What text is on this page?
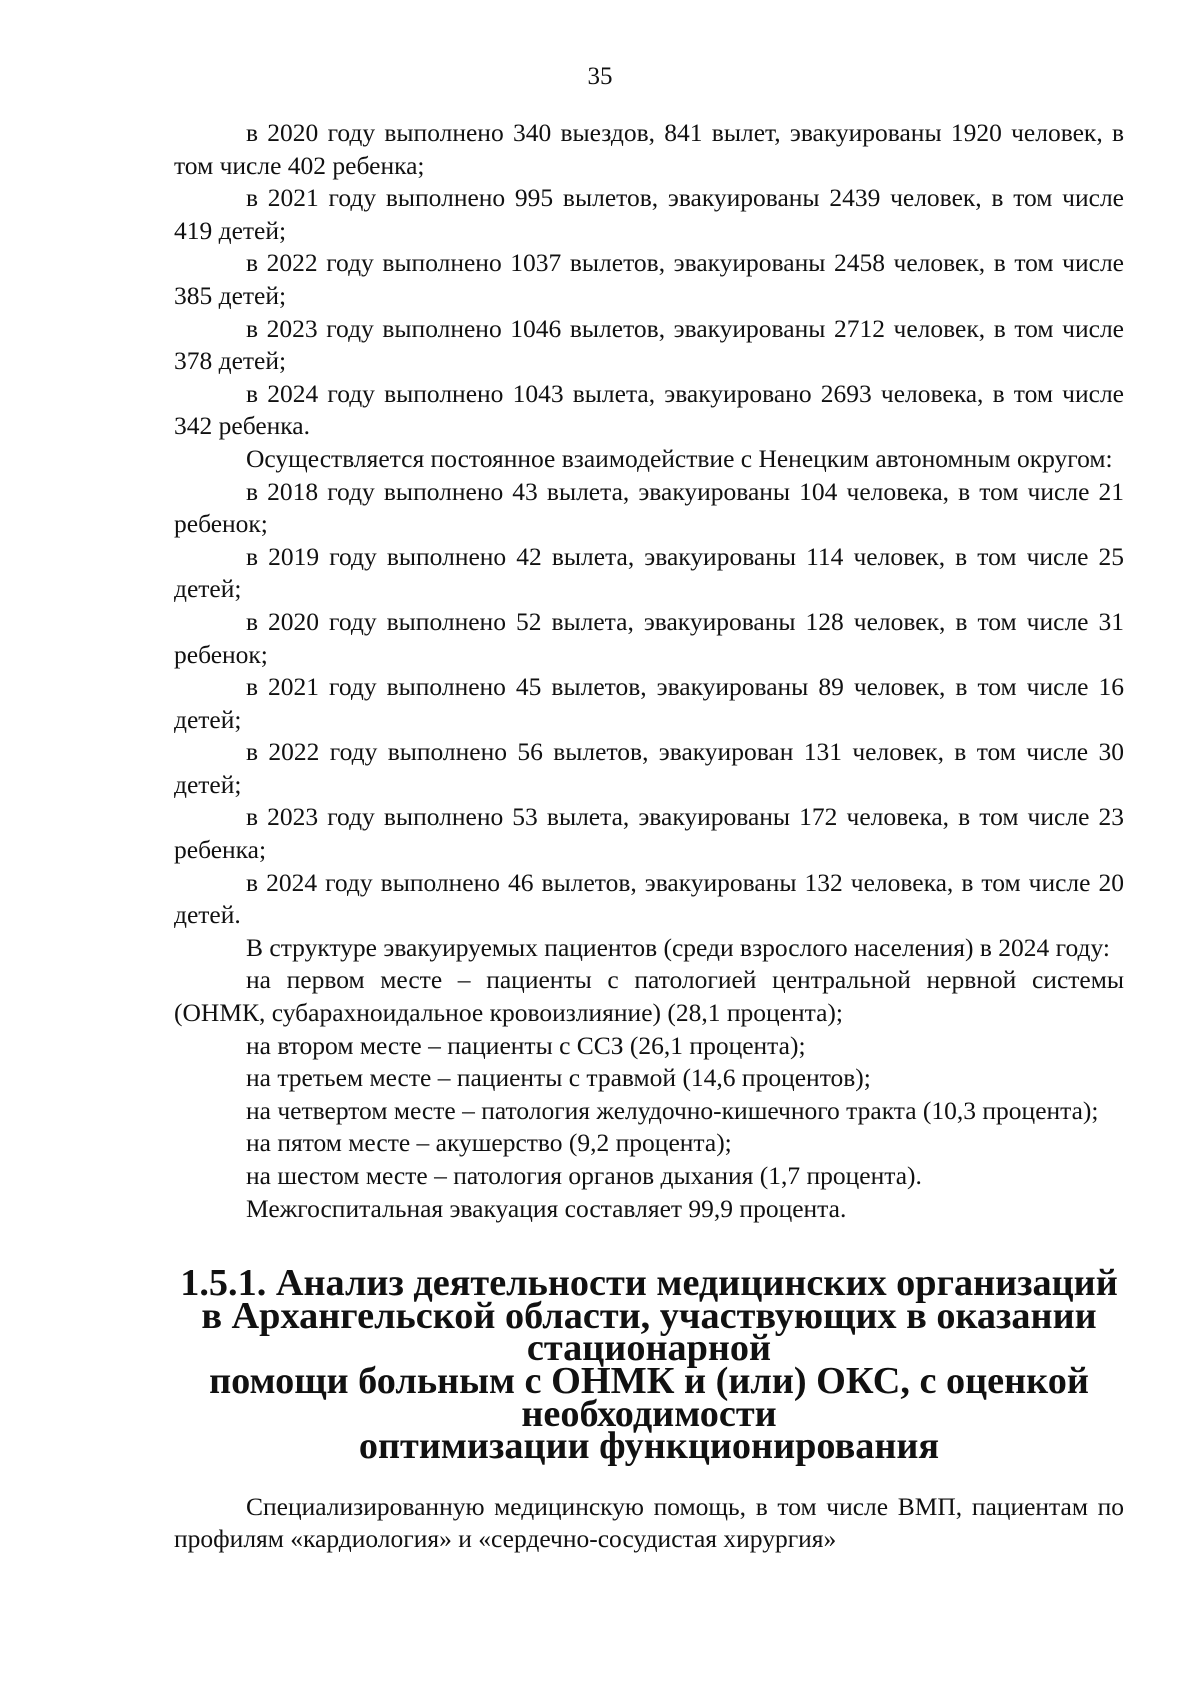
35

в 2020 году выполнено 340 выездов, 841 вылет, эвакуированы 1920 человек, в том числе 402 ребенка;

в 2021 году выполнено 995 вылетов, эвакуированы 2439 человек, в том числе 419 детей;

в 2022 году выполнено 1037 вылетов, эвакуированы 2458 человек, в том числе 385 детей;

в 2023 году выполнено 1046 вылетов, эвакуированы 2712 человек, в том числе 378 детей;

в 2024 году выполнено 1043 вылета, эвакуировано 2693 человека, в том числе 342 ребенка.

Осуществляется постоянное взаимодействие с Ненецким автономным округом:

в 2018 году выполнено 43 вылета, эвакуированы 104 человека, в том числе 21 ребенок;

в 2019 году выполнено 42 вылета, эвакуированы 114 человек, в том числе 25 детей;

в 2020 году выполнено 52 вылета, эвакуированы 128 человек, в том числе 31 ребенок;

в 2021 году выполнено 45 вылетов, эвакуированы 89 человек, в том числе 16 детей;

в 2022 году выполнено 56 вылетов, эвакуирован 131 человек, в том числе 30 детей;

в 2023 году выполнено 53 вылета, эвакуированы 172 человека, в том числе 23 ребенка;

в 2024 году выполнено 46 вылетов, эвакуированы 132 человека, в том числе 20 детей.

В структуре эвакуируемых пациентов (среди взрослого населения) в 2024 году:

на первом месте – пациенты с патологией центральной нервной системы (ОНМК, субарахноидальное кровоизлияние) (28,1 процента);

на втором месте – пациенты с ССЗ (26,1 процента);

на третьем месте – пациенты с травмой (14,6 процентов);

на четвертом месте – патология желудочно-кишечного тракта (10,3 процента);

на пятом месте – акушерство (9,2 процента);

на шестом месте – патология органов дыхания (1,7 процента).

Межгоспитальная эвакуация составляет 99,9 процента.

1.5.1. Анализ деятельности медицинских организаций
в Архангельской области, участвующих в оказании стационарной
помощи больным с ОНМК и (или) ОКС, с оценкой необходимости
оптимизации функционирования

Специализированную медицинскую помощь, в том числе ВМП, пациентам по профилям «кардиология» и «сердечно-сосудистая хирургия»
